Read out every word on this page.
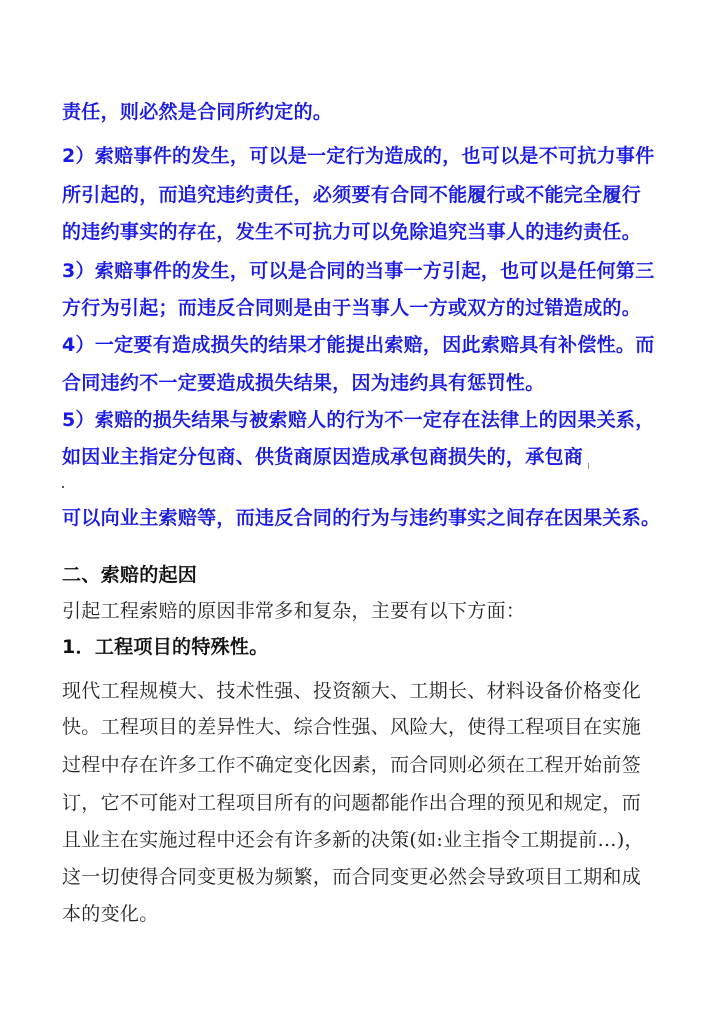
责任，则必然是合同所约定的。
2）索赔事件的发生，可以是一定行为造成的，也可以是不可抗力事件
所引起的，而追究违约责任，必须要有合同不能履行或不能完全履行
的违约事实的存在，发生不可抗力可以免除追究当事人的违约责任。
3）索赔事件的发生，可以是合同的当事一方引起，也可以是任何第三
方行为引起；而违反合同则是由于当事人一方或双方的过错造成的。
4）一定要有造成损失的结果才能提出索赔，因此索赔具有补偿性。而
合同违约不一定要造成损失结果，因为违约具有惩罚性。
5）索赔的损失结果与被索赔人的行为不一定存在法律上的因果关系，
如因业主指定分包商、供货商原因造成承包商损失的，承包商
可以向业主索赔等，而违反合同的行为与违约事实之间存在因果关系。
二、索赔的起因
引起工程索赔的原因非常多和复杂，主要有以下方面：
1．工程项目的特殊性。
现代工程规模大、技术性强、投资额大、工期长、材料设备价格变化
快。工程项目的差异性大、综合性强、风险大，使得工程项目在实施
过程中存在许多工作不确定变化因素，而合同则必须在工程开始前签
订，它不可能对工程项目所有的问题都能作出合理的预见和规定，而
且业主在实施过程中还会有许多新的决策(如:业主指令工期提前…)，
这一切使得合同变更极为频繁，而合同变更必然会导致项目工期和成
本的变化。
